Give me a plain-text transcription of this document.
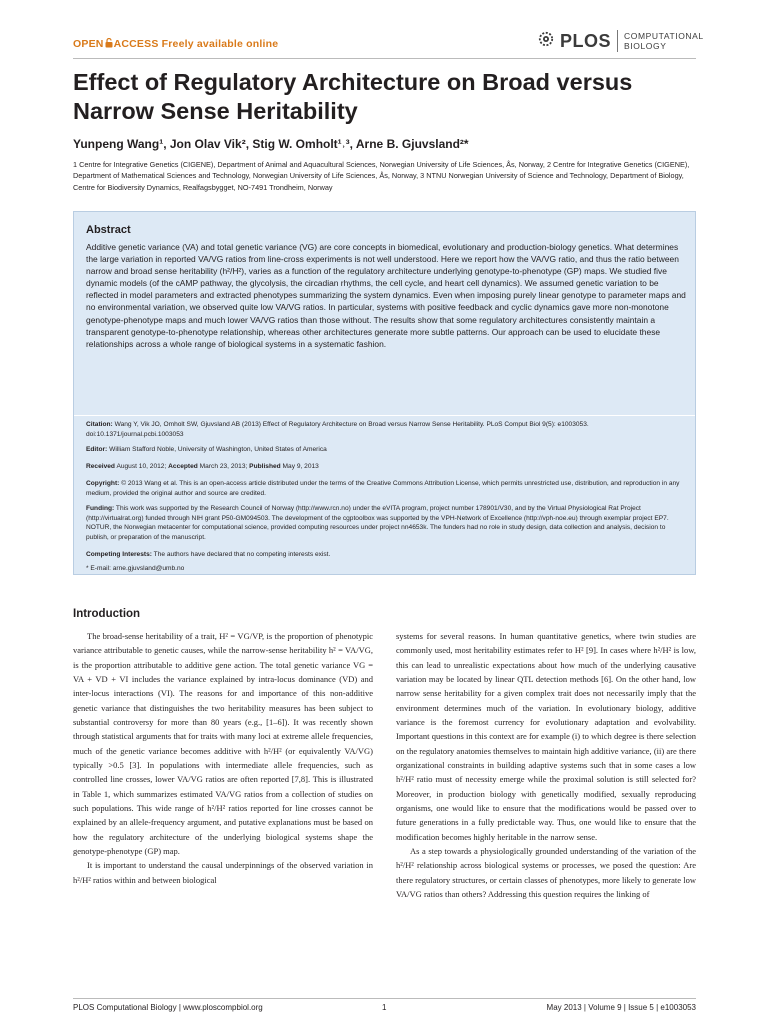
OPEN ACCESS Freely available online	PLOS COMPUTATIONAL
BIOLOGY
Effect of Regulatory Architecture on Broad versus Narrow Sense Heritability
Yunpeng Wang¹, Jon Olav Vik², Stig W. Omholt¹˒³, Arne B. Gjuvsland²*
1 Centre for Integrative Genetics (CIGENE), Department of Animal and Aquacultural Sciences, Norwegian University of Life Sciences, Ås, Norway, 2 Centre for Integrative Genetics (CIGENE), Department of Mathematical Sciences and Technology, Norwegian University of Life Sciences, Ås, Norway, 3 NTNU Norwegian University of Science and Technology, Department of Biology, Centre for Biodiversity Dynamics, Realfagsbygget, NO-7491 Trondheim, Norway
Abstract
Additive genetic variance (VA) and total genetic variance (VG) are core concepts in biomedical, evolutionary and production-biology genetics. What determines the large variation in reported VA/VG ratios from line-cross experiments is not well understood. Here we report how the VA/VG ratio, and thus the ratio between narrow and broad sense heritability (h²/H²), varies as a function of the regulatory architecture underlying genotype-to-phenotype (GP) maps. We studied five dynamic models (of the cAMP pathway, the glycolysis, the circadian rhythms, the cell cycle, and heart cell dynamics). We assumed genetic variation to be reflected in model parameters and extracted phenotypes summarizing the system dynamics. Even when imposing purely linear genotype to parameter maps and no environmental variation, we observed quite low VA/VG ratios. In particular, systems with positive feedback and cyclic dynamics gave more non-monotone genotype-phenotype maps and much lower VA/VG ratios than those without. The results show that some regulatory architectures consistently maintain a transparent genotype-to-phenotype relationship, whereas other architectures generate more subtle patterns. Our approach can be used to elucidate these relationships across a whole range of biological systems in a systematic fashion.
Citation: Wang Y, Vik JO, Omholt SW, Gjuvsland AB (2013) Effect of Regulatory Architecture on Broad versus Narrow Sense Heritability. PLoS Comput Biol 9(5): e1003053. doi:10.1371/journal.pcbi.1003053
Editor: William Stafford Noble, University of Washington, United States of America
Received August 10, 2012; Accepted March 23, 2013; Published May 9, 2013
Copyright: © 2013 Wang et al. This is an open-access article distributed under the terms of the Creative Commons Attribution License, which permits unrestricted use, distribution, and reproduction in any medium, provided the original author and source are credited.
Funding: This work was supported by the Research Council of Norway (http://www.rcn.no) under the eVITA program, project number 178901/V30, and by the Virtual Physiological Rat Project (http://virtualrat.org) funded through NIH grant P50-GM094503. The development of the cgptoolbox was supported by the VPH-Network of Excellence (http://vph-noe.eu) through exemplar project EP7. NOTUR, the Norwegian metacenter for computational science, provided computing resources under project nn4653k. The funders had no role in study design, data collection and analysis, decision to publish, or preparation of the manuscript.
Competing Interests: The authors have declared that no competing interests exist.
* E-mail: arne.gjuvsland@umb.no
Introduction

The broad-sense heritability of a trait, H² = VG/VP, is the proportion of phenotypic variance attributable to genetic causes, while the narrow-sense heritability h² = VA/VG, is the proportion attributable to additive gene action. The total genetic variance VG = VA + VD + VI includes the variance explained by intra-locus dominance (VD) and inter-locus interactions (VI). The reasons for and importance of this non-additive genetic variance that distinguishes the two heritability measures has been subject to substantial controversy for more than 80 years (e.g., [1–6]). It was recently shown through statistical arguments that for traits with many loci at extreme allele frequencies, much of the genetic variance becomes additive with h²/H² (or equivalently VA/VG) typically >0.5 [3]. In populations with intermediate allele frequencies, such as controlled line crosses, lower VA/VG ratios are often reported [7,8]. This is illustrated in Table 1, which summarizes estimated VA/VG ratios from a collection of studies on such populations. This wide range of h²/H² ratios reported for line crosses cannot be explained by an allele-frequency argument, and putative explanations must be based on how the regulatory architecture of the underlying biological systems shape the genotype-phenotype (GP) map.

It is important to understand the causal underpinnings of the observed variation in h²/H² ratios within and between biological

systems for several reasons. In human quantitative genetics, where twin studies are commonly used, most heritability estimates refer to H² [9]. In cases where h²/H² is low, this can lead to unrealistic expectations about how much of the underlying causative variation may be located by linear QTL detection methods [6]. On the other hand, low narrow sense heritability for a given complex trait does not necessarily imply that the environment determines much of the variation. In evolutionary biology, additive variance is the foremost currency for evolutionary adaptation and evolvability. Important questions in this context are for example (i) to which degree is there selection on the regulatory anatomies themselves to maintain high additive variance, (ii) are there organizational constraints in building adaptive systems such that in some cases a low h²/H² ratio must of necessity emerge while the proximal solution is still selected for? Moreover, in production biology with genetically modified, sexually reproducing organisms, one would like to ensure that the modifications would be passed over to future generations in a fully predictable way. Thus, one would like to ensure that the modification becomes highly heritable in the narrow sense.

As a step towards a physiologically grounded understanding of the variation of the h²/H² relationship across biological systems or processes, we posed the question: Are there regulatory structures, or certain classes of phenotypes, more likely to generate low VA/VG ratios than others? Addressing this question requires the linking of

PLOS Computational Biology | www.ploscompbiol.org	1	May 2013 | Volume 9 | Issue 5 | e1003053
